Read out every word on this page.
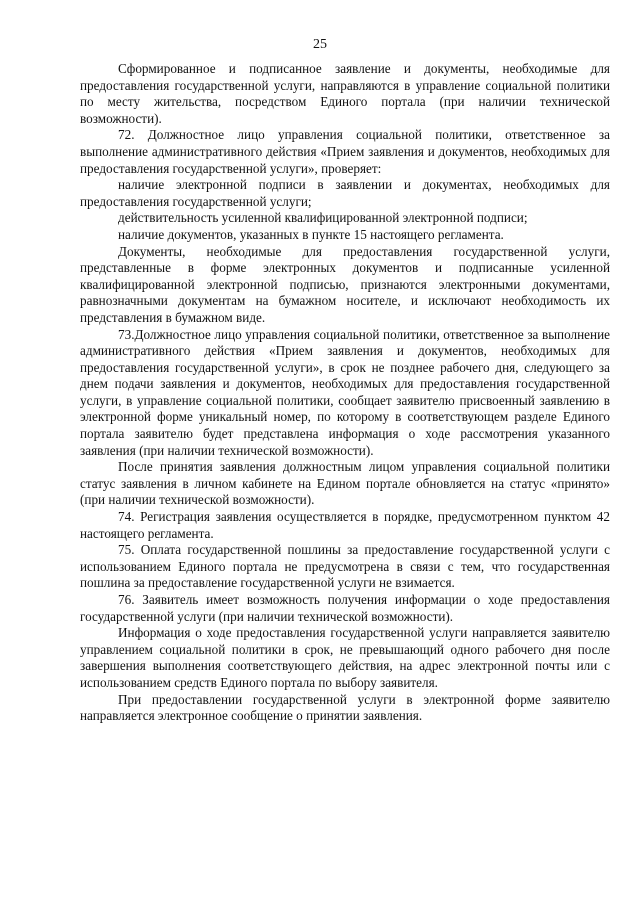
25

Сформированное и подписанное заявление и документы, необходимые для предоставления государственной услуги, направляются в управление социальной политики по месту жительства, посредством Единого портала (при наличии технической возможности).

72. Должностное лицо управления социальной политики, ответственное за выполнение административного действия «Прием заявления и документов, необходимых для предоставления государственной услуги», проверяет:

наличие электронной подписи в заявлении и документах, необходимых для предоставления государственной услуги;

действительность усиленной квалифицированной электронной подписи;

наличие документов, указанных в пункте 15 настоящего регламента.

Документы, необходимые для предоставления государственной услуги, представленные в форме электронных документов и подписанные усиленной квалифицированной электронной подписью, признаются электронными документами, равнозначными документам на бумажном носителе, и исключают необходимость их представления в бумажном виде.

73.Должностное лицо управления социальной политики, ответственное за выполнение административного действия «Прием заявления и документов, необходимых для предоставления государственной услуги», в срок не позднее рабочего дня, следующего за днем подачи заявления и документов, необходимых для предоставления государственной услуги, в управление социальной политики, сообщает заявителю присвоенный заявлению в электронной форме уникальный номер, по которому в соответствующем разделе Единого портала заявителю будет представлена информация о ходе рассмотрения указанного заявления (при наличии технической возможности).

После принятия заявления должностным лицом управления социальной политики статус заявления в личном кабинете на Едином портале обновляется на статус «принято» (при наличии технической возможности).

74. Регистрация заявления осуществляется в порядке, предусмотренном пунктом 42 настоящего регламента.

75. Оплата государственной пошлины за предоставление государственной услуги с использованием Единого портала не предусмотрена в связи с тем, что государственная пошлина за предоставление государственной услуги не взимается.

76. Заявитель имеет возможность получения информации о ходе предоставления государственной услуги (при наличии технической возможности).

Информация о ходе предоставления государственной услуги направляется заявителю управлением социальной политики в срок, не превышающий одного рабочего дня после завершения выполнения соответствующего действия, на адрес электронной почты или с использованием средств Единого портала по выбору заявителя.

При предоставлении государственной услуги в электронной форме заявителю направляется электронное сообщение о принятии заявления.
